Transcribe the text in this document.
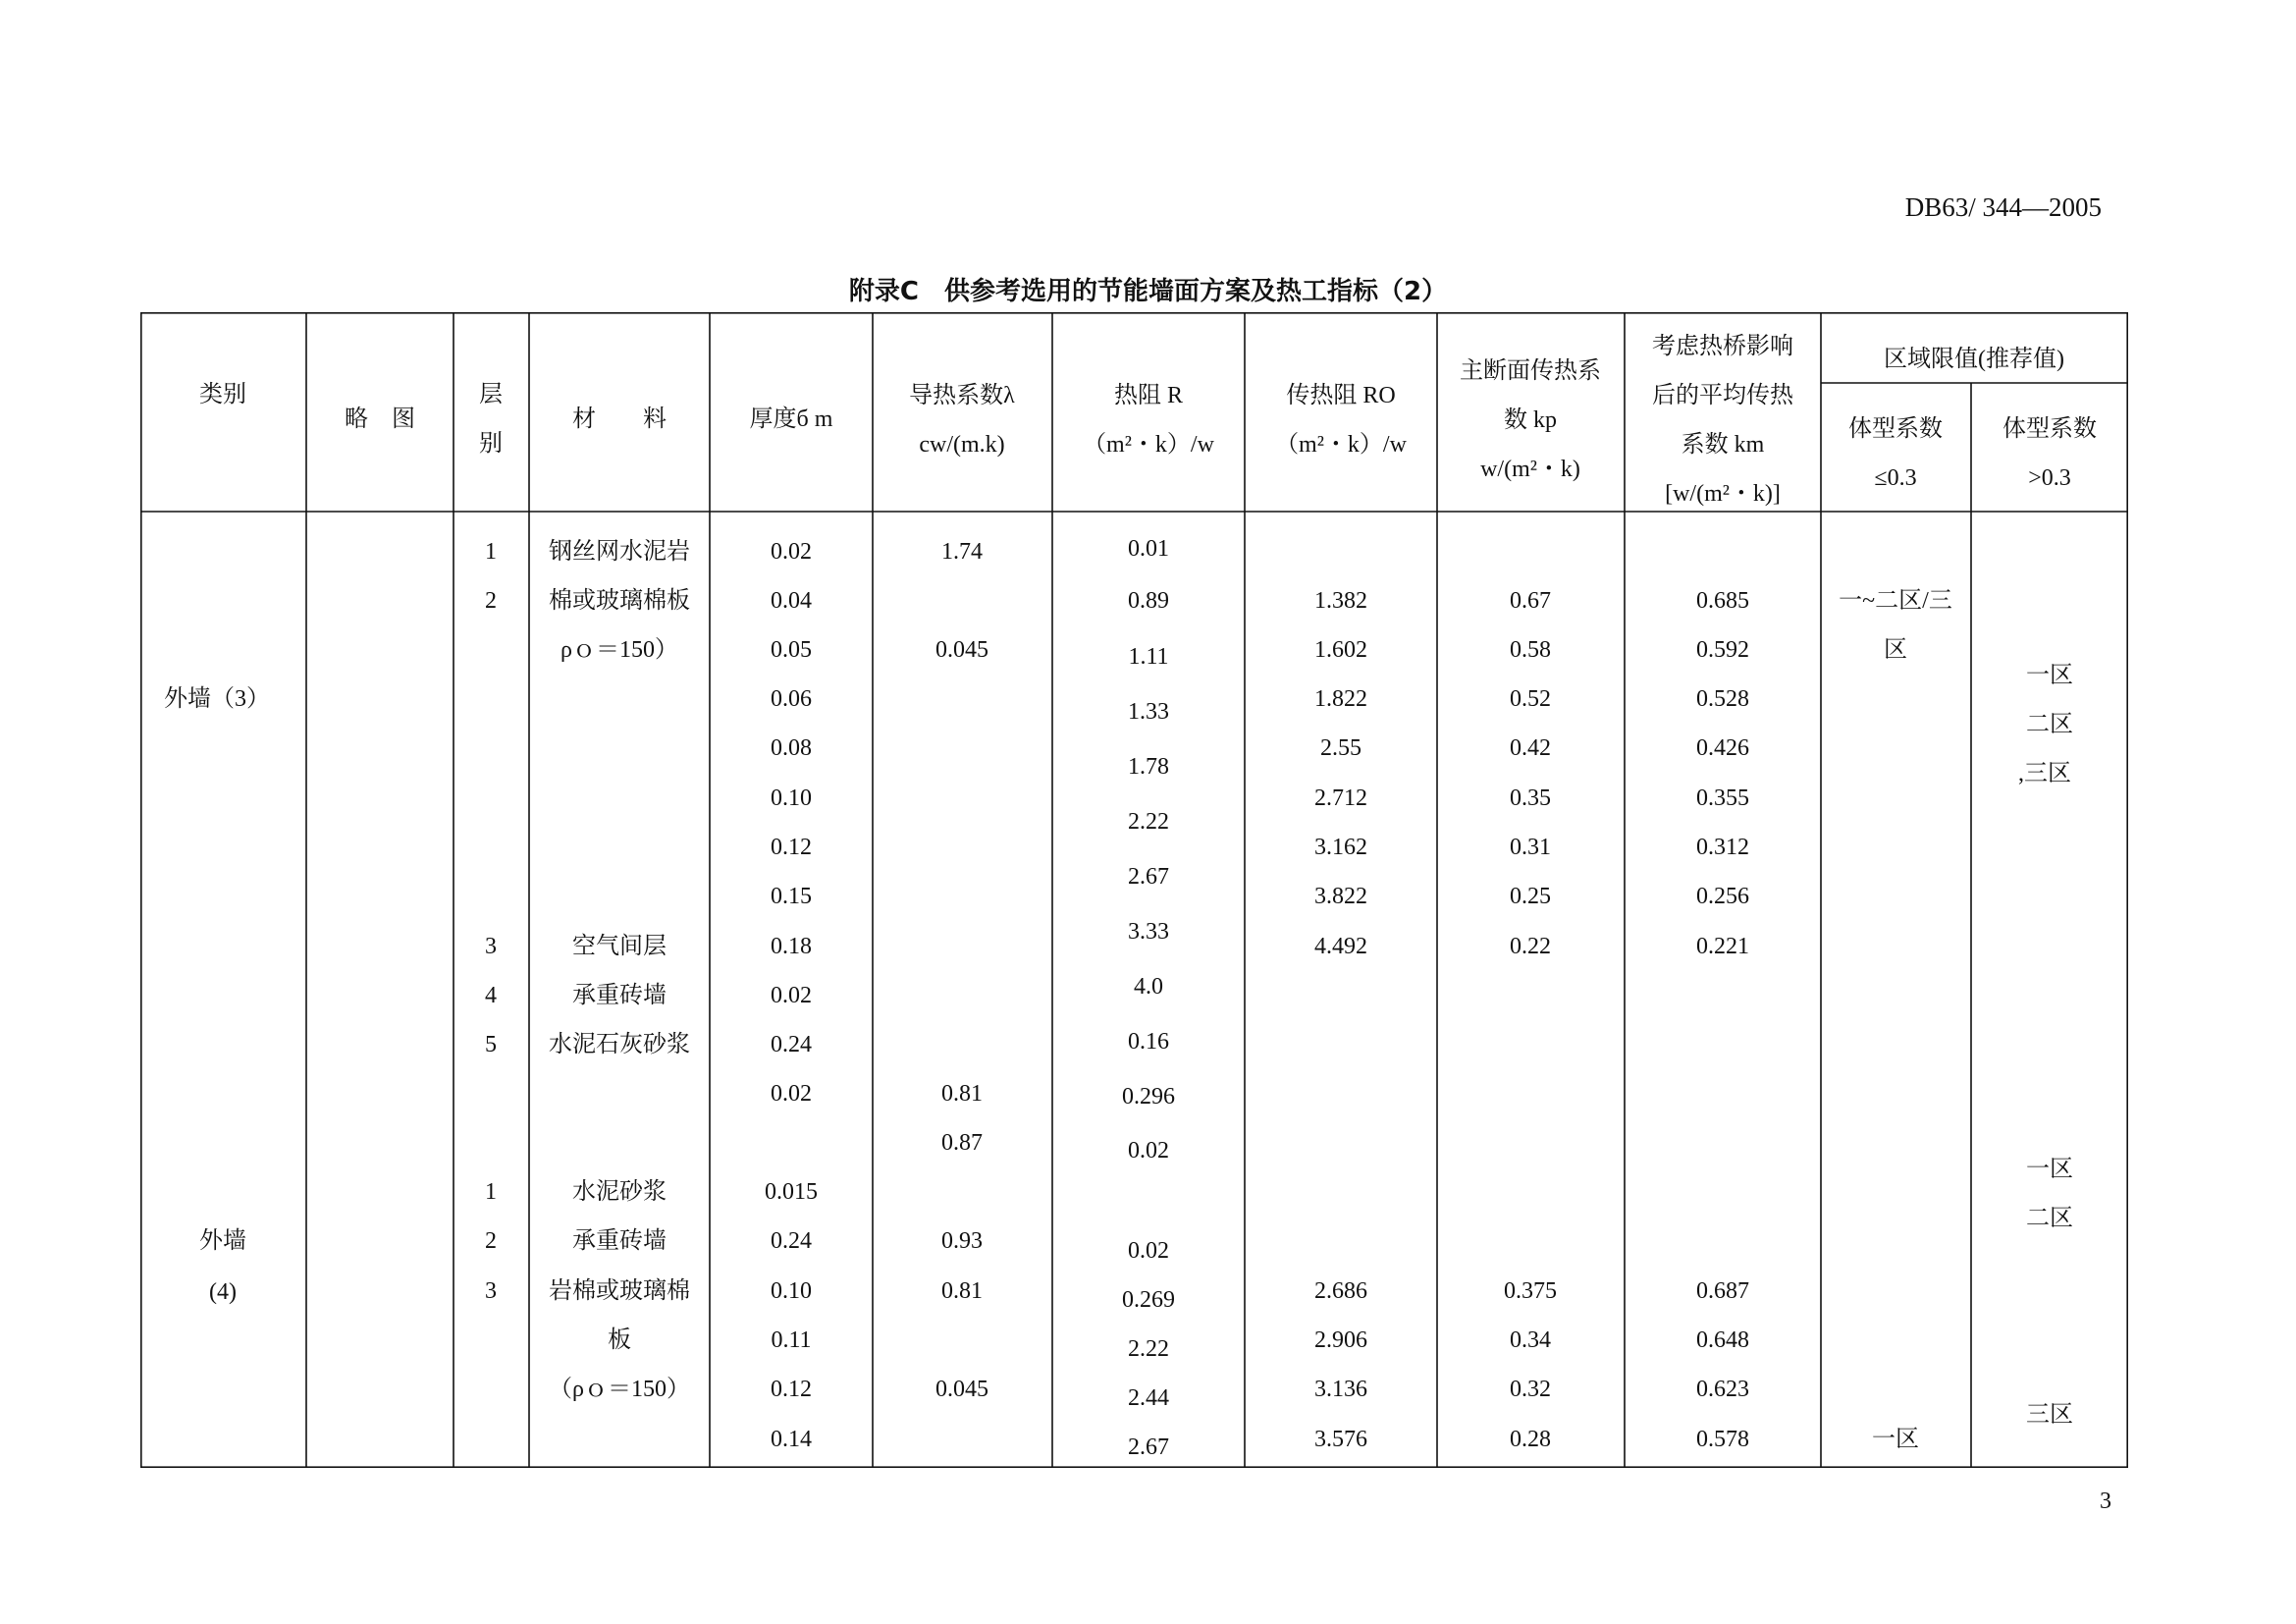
DB63/ 344—2005
附录C　供参考选用的节能墙面方案及热工指标（2）
类别
略　图
层
别
材　　料	厚度б m
导热系数λ
cw/(m.k)
热阻 R
（m²・k）/w
传热阻 RO
（m²・k）/w
主断面传热系
数 kp
w/(m²・k)
考虑热桥影响
后的平均传热
系数 km
[w/(m²・k)]
区域限值(推荐值)
体型系数
≤0.3
体型系数
>0.3
外墙（3）
1
2
3
4
5
钢丝网水泥岩
棉或玻璃棉板
ρｏ＝150）
空气间层
承重砖墙
水泥石灰砂浆
0.02
0.04
0.05
0.06
0.08
0.10
0.12
0.15
0.18
0.02
0.24
0.02
1.74
0.045
0.81
0.87
0.01
0.89
1.11
1.33
1.78
2.22
2.67
3.33
4.0
0.16
0.296
0.02
1.382
1.602
1.822
2.55
2.712
3.162
3.822
4.492
0.67
0.58
0.52
0.42
0.35
0.31
0.25
0.22
0.685
0.592
0.528
0.426
0.355
0.312
0.256
0.221
一~二区/三
区
一区
二区
,三区
外墙
(4)
1
2
3
水泥砂浆
承重砖墙
岩棉或玻璃棉
板
（ρｏ＝150）
0.015
0.24
0.10
0.11
0.12
0.14
0.93
0.81
0.045
0.02
0.269
2.22
2.44
2.67
2.686
2.906
3.136
3.576
0.375
0.34
0.32
0.28
0.687
0.648
0.623
0.578	一区
一区
二区
三区
3
